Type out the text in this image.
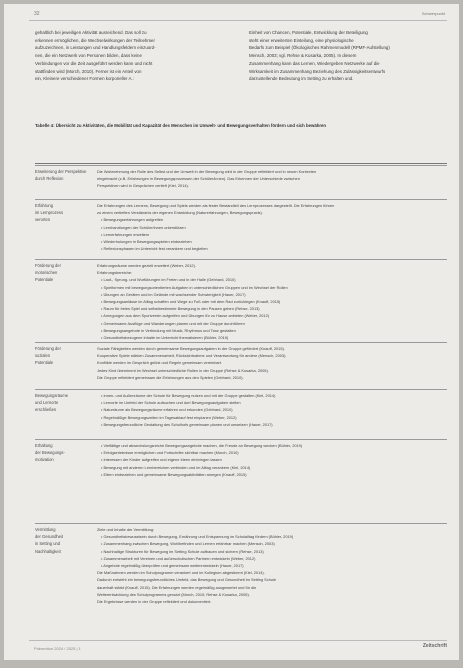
32	Schwerpunkt

gehaltlich bei jeweiligen Aktivität ausreichend. Das soll zu

erkennen ermöglichen, die Wechselwirkungen der Teilnehmer

aufzuzeichnen, in Leistungen und Handlungsfeldern einzuord-

nen, die ein Netzwerk von Personen bilden, dass keine

Verbindungen vor die Zeit ausgeführt werden kann und nicht

stattfinden wird (Morch, 2010). Ferner ist ein Anteil von

ein, Kleinere verschiedener Formen korporieller A.:

Einheit von Chancen, Potentiale, Entwicklung der Beteiligung

steht einer erweiterten Einteilung, eine physiologische

Bedarfs zum Beispiel (Ökologisches Rahmenmodell (RPMF-Aufstellung)

Mensch, 2003; vgl. Rehse & Kusarka, 2005). In diesem

Zusammenhang kann das Lernen, Wiedergeben Netzwerke auf die

Wirksamkeit im Zusammenhang Beziehung des Zulässigkeitsentwurfs

darzustellende Bedeutung im Setting zu erhalten und.

Tabelle 4: Übersicht zu Aktivitäten, die Mobilität und Kapazität des Menschen im Umwelt- und Bewegungsverhalten fördern und sich bewähren
Erweiterung der Perspektive
durch Reflexion
Die Wahrnehmung der Rolle des Selbst und der Umwelt in der Bewegung wird in der Gruppe reflektiert und in neuen Kontexten
eingebracht (z.B. Erfahrungen in Bewegungsprozessen der Schüler/innen). Das Erkennen der Unterschiede zwischen
Perspektiven wird in Gesprächen vertieft (Kiel, 2014).
Erfahrung
im Lernprozess
verorten
Die Erfahrungen des Lernens, Bewegung und Spiels werden als fester Bestandteil des Lernprozesses dargestellt. Die Erfahrungen führen
zu einem vertieften Verständnis der eigenen Entwicklung (Naturerfahrungen, Bewegungspraxis).
• Bewegungserfahrungen aufgreifen
• Lernhandlungen der Schüler/innen unterstützen
• Lernerfahrungen erweitern
• Wiederholungen in Bewegungsspielen einbeziehen
• Reflexionsphasen im Unterricht fest verankern und begleiten
Förderung der
motorischen
Potentiale
Erfahrungsräume werden gezielt erweitert (Weber, 2012).
Erfahrungsbereiche:
• Lauf-, Sprung- und Wurfübungen im Freien und in der Halle (Gebhard, 2010)
• Spielformen mit bewegungsorientierten Aufgaben in unterschiedlichen Gruppen und im Wechsel der Rollen
• Übungen an Geräten und im Gelände mit wachsender Schwierigkeit (Hauer, 2017)
• Bewegungsanlässe im Alltag schaffen und Wege zu Fuß oder mit dem Rad zurücklegen (Knauff, 2015)
• Raum für freies Spiel und selbstbestimmte Bewegung in den Pausen geben (Rehse, 2013)
• Anregungen aus dem Sportverein aufgreifen und Übungen für zu Hause anbieten (Weber, 2012)
• Gemeinsame Ausflüge und Wanderungen planen und mit der Gruppe durchführen
• Bewegungsangebote in Verbindung mit Musik, Rhythmus und Tanz gestalten
• Gesundheitsbezogene Inhalte im Unterricht thematisieren (Bühler, 2019)
Förderung der
sozialen
Potentiale
Soziale Fähigkeiten werden durch gemeinsame Bewegungsaufgaben in der Gruppe gefördert (Knauff, 2015).
Kooperative Spiele stärken Zusammenarbeit, Rücksichtnahme und Verantwortung für andere (Mensch, 2003).
Konflikte werden im Gespräch gelöst und Regeln gemeinsam vereinbart.
Jedes Kind übernimmt im Wechsel unterschiedliche Rollen in der Gruppe (Rehse & Kusarka, 2005).
Die Gruppe reflektiert gemeinsam die Erfahrungen aus den Spielen (Gebhard, 2010).
Bewegungsräume
und Lernorte
erschließen
• Innen- und Außenräume der Schule für Bewegung nutzen und mit der Gruppe gestalten (Kiel, 2014)
• Lernorte im Umfeld der Schule aufsuchen und dort Bewegungsaufgaben stellen
• Naturräume als Bewegungsräume erfahren und erkunden (Gebhard, 2010)
• Regelmäßige Bewegungszeiten im Tagesablauf fest einplanen (Weber, 2012)
• Bewegungsfreundliche Gestaltung des Schulhofs gemeinsam planen und umsetzen (Hauer, 2017)
Erhaltung
der Bewegungs-
motivation
• Vielfältige und abwechslungsreiche Bewegungsangebote machen, die Freude an Bewegung wecken (Bühler, 2019)
• Erfolgserlebnisse ermöglichen und Fortschritte sichtbar machen (Morch, 2010)
• Interessen der Kinder aufgreifen und eigene Ideen einbringen lassen
• Bewegung mit anderen Lernbereichen verbinden und im Alltag verankern (Kiel, 2014)
• Eltern einbeziehen und gemeinsame Bewegungsaktivitäten anregen (Knauff, 2015)
Vermittlung
der Gesundheit
in Setting und
Nachhaltigkeit
Ziele und Inhalte der Vermittlung:
• Gesundheitsbewusstsein durch Bewegung, Ernährung und Entspannung im Schulalltag fördern (Bühler, 2019)
• Zusammenhang zwischen Bewegung, Wohlbefinden und Lernen erfahrbar machen (Mensch, 2003)
• Nachhaltige Strukturen für Bewegung im Setting Schule aufbauen und sichern (Rehse, 2013)
• Zusammenarbeit mit Vereinen und außerschulischen Partnern entwickeln (Weber, 2012)
• Angebote regelmäßig überprüfen und gemeinsam weiterentwickeln (Hauer, 2017)
Die Maßnahmen werden im Schulprogramm verankert und im Kollegium abgestimmt (Kiel, 2014).
Dadurch entsteht ein bewegungsfreundliches Umfeld, das Bewegung und Gesundheit im Setting Schule
dauerhaft stärkt (Knauff, 2015). Die Erfahrungen werden regelmäßig ausgewertet und für die
Weiterentwicklung des Schulprogramms genutzt (Morch, 2010; Rehse & Kusarka, 2005).
Die Ergebnisse werden in der Gruppe reflektiert und dokumentiert.
Prävention 2024 / 2025 | 1	Zeitschrift
